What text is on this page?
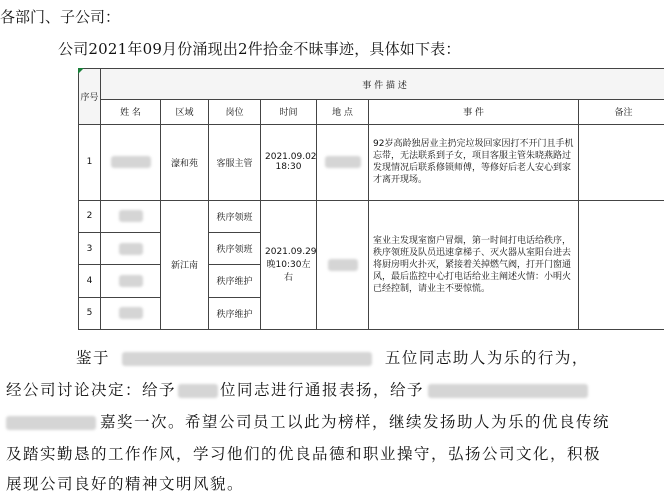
各部门、子公司：
公司2021年09月份涌现出2件拾金不昧事迹，具体如下表：
序号	事 件 描 述						
	姓 名	区域	岗位	时间	地 点	事 件	备注
1		濠和苑	客服主管	2021.09.02 18:30		92岁高龄独居业主扔完垃圾回家因打不开门且手机忘带，无法联系到子女，项目客服主管朱晓燕路过发现情况后联系修锁师傅，等修好后老人安心到家才离开现场。	
2		新江南	秩序领班	2021.09.29 晚10:30左右		室业主发现室窗户冒烟，第一时间打电话给秩序，秩序领班及队员迅速拿梯子、灭火器从室阳台进去将厨房明火扑灭，紧接着关掉燃气阀，打开门窗通风，最后监控中心打电话给业主阐述火情：小明火已经控制，请业主不要惊慌。	
3			秩序领班				
4			秩序维护				
5			秩序维护				
鉴于	五位同志助人为乐的行为，
经公司讨论决定：给予	位同志进行通报表扬，给予
嘉奖一次。希望公司员工以此为榜样，继续发扬助人为乐的优良传统
及踏实勤恳的工作作风，学习他们的优良品德和职业操守，弘扬公司文化，积极
展现公司良好的精神文明风貌。
